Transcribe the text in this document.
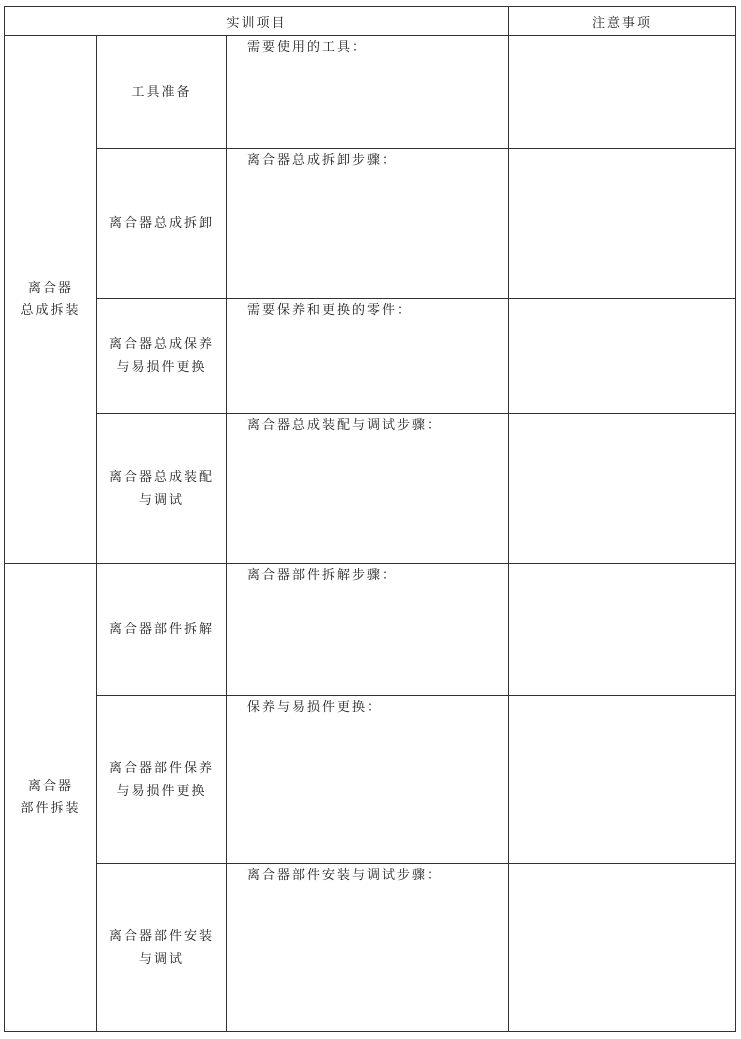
实训项目			注意事项

离合器
总成拆装	工具准备	需要使用的工具：	

	离合器总成拆卸	离合器总成拆卸步骤：	

	离合器总成保养
与易损件更换	需要保养和更换的零件：	

	离合器总成装配
与调试	离合器总成装配与调试步骤：	

离合器
部件拆装	离合器部件拆解	离合器部件拆解步骤：	

	离合器部件保养
与易损件更换	保养与易损件更换：	

	离合器部件安装
与调试	离合器部件安装与调试步骤：	
